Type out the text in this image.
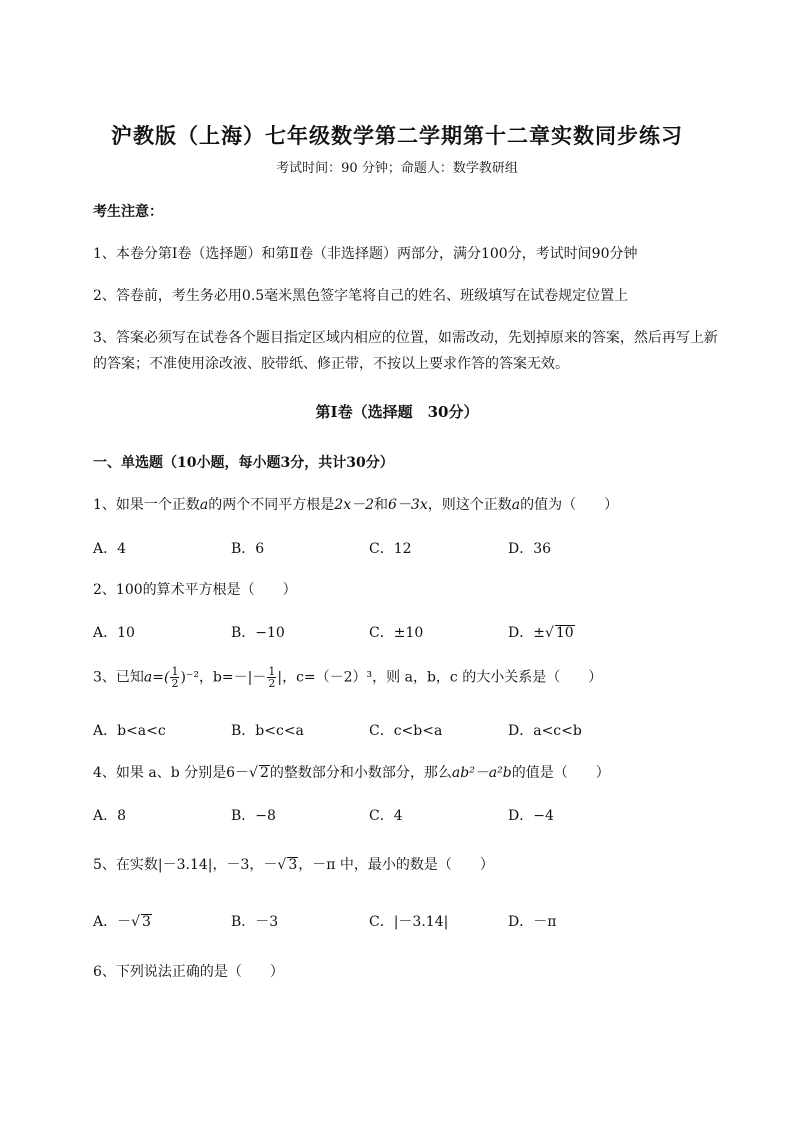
沪教版（上海）七年级数学第二学期第十二章实数同步练习
考试时间：90 分钟；命题人：数学教研组
考生注意：
1、本卷分第Ⅰ卷（选择题）和第Ⅱ卷（非选择题）两部分，满分100分，考试时间90分钟
2、答卷前，考生务必用0.5毫米黑色签字笔将自己的姓名、班级填写在试卷规定位置上
3、答案必须写在试卷各个题目指定区域内相应的位置，如需改动，先划掉原来的答案，然后再写上新
的答案；不准使用涂改液、胶带纸、修正带，不按以上要求作答的答案无效。
第Ⅰ卷（选择题　30分）
一、单选题（10小题，每小题3分，共计30分）
1、如果一个正数a的两个不同平方根是2x－2和6－3x，则这个正数a的值为（　　）
A．4	B．6	C．12	D．36
2、100的算术平方根是（　　）
A．10	B．−10	C．±10	D．±√ 10
3、已知$a=( \frac{1}{2} )^{-2}$，$b=-|- \frac{1}{2}$ |，c=（－2）³，则 a，b，c 的大小关系是（　　）
A．b<a<c	B．b<c<a	C．c<b<a	D．a<c<b
4、如果 a、b 分别是6－√ 2的整数部分和小数部分，那么ab²－a²b的值是（　　）
A．8	B．−8	C．4	D．−4
5、在实数|－3.14|，－3，－√ 3，－π 中，最小的数是（　　）
A．－√ 3	B．－3	C．|－3.14|	D．－π
6、下列说法正确的是（　　）
